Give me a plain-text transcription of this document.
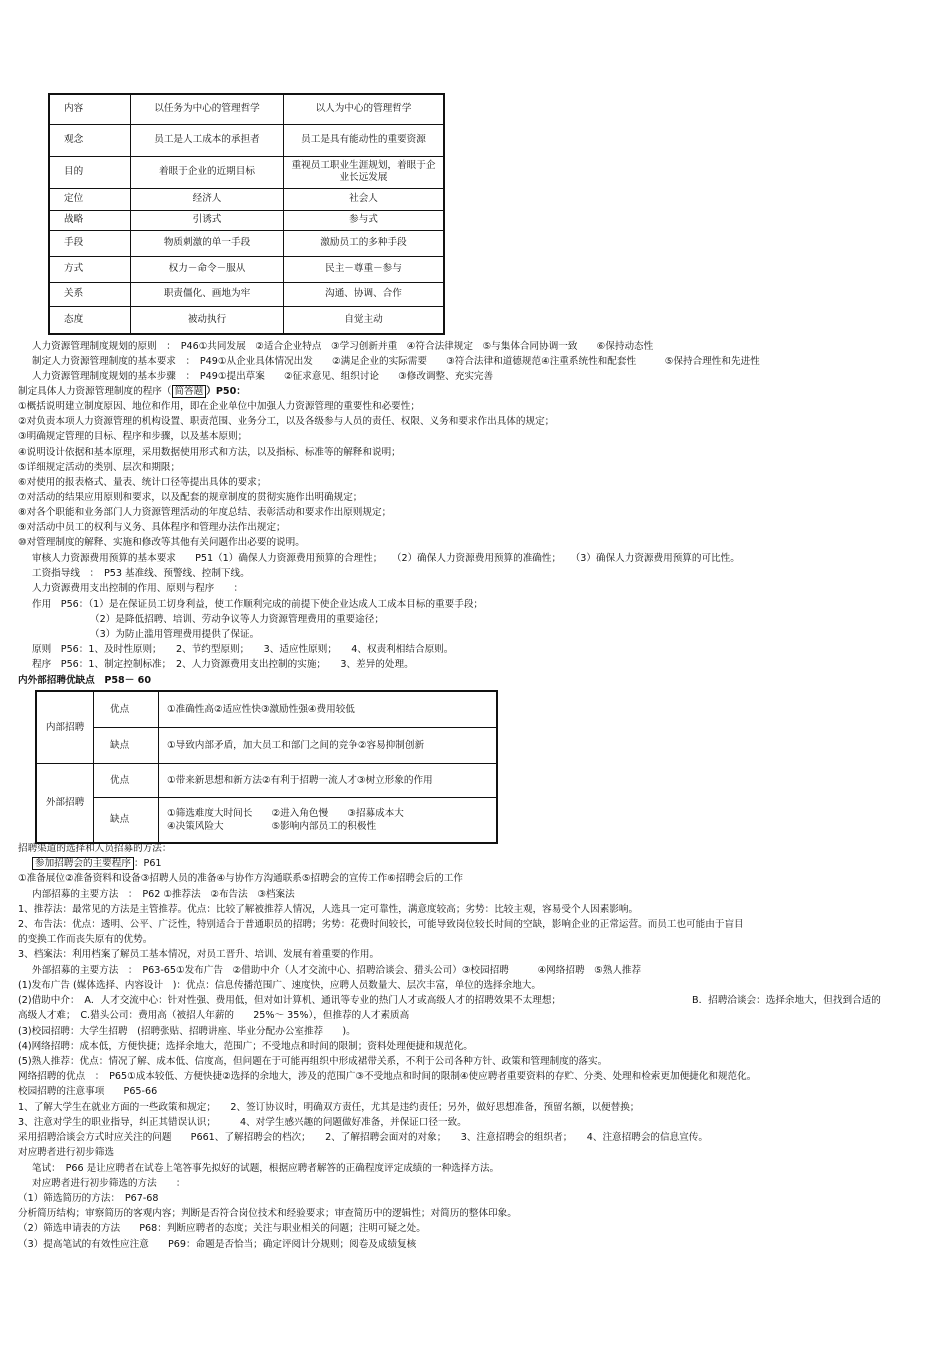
内容	以任务为中心的管理哲学	以人为中心的管理哲学
观念	员工是人工成本的承担者	员工是具有能动性的重要资源
目的	着眼于企业的近期目标	重视员工职业生涯规划，着眼于企业长远发展
定位	经济人	社会人
战略	引诱式	参与式
手段	物质刺激的单一手段	激励员工的多种手段
方式	权力－命令－服从	民主－尊重－参与
关系	职责僵化、画地为牢	沟通、协调、合作
态度	被动执行	自觉主动
人力资源管理制度规划的原则　：　P46①共同发展　②适合企业特点　③学习创新并重　④符合法律规定　⑤与集体合同协调一致　　⑥保持动态性
制定人力资源管理制度的基本要求　：　P49①从企业具体情况出发　　②满足企业的实际需要　　③符合法律和道德规范④注重系统性和配套性　　　⑤保持合理性和先进性
人力资源管理制度规划的基本步骤　：　P49①提出草案　　②征求意见、组织讨论　　③修改调整、充实完善
制定具体人力资源管理制度的程序（ 简答题 ）P50：
①概括说明建立制度原因、地位和作用，即在企业单位中加强人力资源管理的重要性和必要性；
②对负责本项人力资源管理的机构设置、职责范围、业务分工，以及各级参与人员的责任、权限、义务和要求作出具体的规定；
③明确规定管理的目标、程序和步骤，以及基本原则；
④说明设计依据和基本原理，采用数据使用形式和方法，以及指标、标准等的解释和说明；
⑤详细规定活动的类别、层次和期限；
⑥对使用的报表格式、量表、统计口径等提出具体的要求；
⑦对活动的结果应用原则和要求，以及配套的规章制度的贯彻实施作出明确规定；
⑧对各个职能和业务部门人力资源管理活动的年度总结、表彰活动和要求作出原则规定；
⑨对活动中员工的权利与义务、具体程序和管理办法作出规定；
⑩对管理制度的解释、实施和修改等其他有关问题作出必要的说明。
审核人力资源费用预算的基本要求　　P51（1）确保人力资源费用预算的合理性；　　（2）确保人力资源费用预算的准确性；　　（3）确保人力资源费用预算的可比性。
工资指导线　：　P53 基准线、预警线、控制下线。
人力资源费用支出控制的作用、原则与程序　　：
作用　P56：（1）是在保证员工切身利益，使工作顺利完成的前提下使企业达成人工成本目标的重要手段；
（2）是降低招聘、培训、劳动争议等人力资源管理费用的重要途径；
（3）为防止滥用管理费用提供了保证。
原则　P56：1、及时性原则；　　2、节约型原则；　　3、适应性原则；　　4、权责利相结合原则。
程序　P56：1、制定控制标准；　2、人力资源费用支出控制的实施；　　3、差异的处理。
内外部招聘优缺点　P58－ 60
内部招聘	优点	①准确性高②适应性快③激励性强④费用较低
	缺点	①导致内部矛盾，加大员工和部门之间的竞争②容易抑制创新
外部招聘	优点	①带来新思想和新方法②有利于招聘一流人才③树立形象的作用
	缺点	①筛选难度大时间长　　②进入角色慢　　③招募成本大
④决策风险大　　　　　⑤影响内部员工的积极性
招聘渠道的选择和人员招募的方法：
参加招聘会的主要程序 ：P61
①准备展位②准备资料和设备③招聘人员的准备④与协作方沟通联系⑤招聘会的宣传工作⑥招聘会后的工作
内部招募的主要方法　：　P62 ①推荐法　②布告法　③档案法
1、推荐法：最常见的方法是主管推荐。优点：比较了解被推荐人情况，人选具一定可靠性，满意度较高；劣势：比较主观，容易受个人因素影响。
2、布告法：优点：透明、公平、广泛性，特别适合于普通职员的招聘；劣势：花费时间较长，可能导致岗位较长时间的空缺，影响企业的正常运营。而员工也可能由于盲目
的变换工作而丧失原有的优势。
3、档案法：利用档案了解员工基本情况，对员工晋升、培训、发展有着重要的作用。
外部招募的主要方法　：　P63-65①发布广告　②借助中介（人才交流中心、招聘洽谈会、猎头公司）③校园招聘　　　④网络招聘　⑤熟人推荐
(1)发布广告 (媒体选择、内容设计　)：优点：信息传播范围广、速度快，应聘人员数量大、层次丰富，单位的选择余地大。
(2)借助中介：　A．人才交流中心：针对性强、费用低，但对如计算机、通讯等专业的热门人才或高级人才的招聘效果不太理想；	B．招聘洽谈会：选择余地大，但找到合适的
高级人才难；　C.猎头公司：费用高（被招人年薪的　　25%～ 35%），但推荐的人才素质高
(3)校园招聘：大学生招聘　(招聘张贴、招聘讲座、毕业分配办公室推荐　　)。
(4)网络招聘：成本低，方便快捷；选择余地大，范围广；不受地点和时间的限制；资料处理便捷和规范化。
(5)熟人推荐：优点：情况了解、成本低、信度高，但问题在于可能再组织中形成裙带关系，不利于公司各种方针、政策和管理制度的落实。
网络招聘的优点　：　P65①成本较低、方便快捷②选择的余地大，涉及的范围广③不受地点和时间的限制④使应聘者重要资料的存贮、分类、处理和检索更加便捷化和规范化。
校园招聘的注意事项　　P65-66
1、了解大学生在就业方面的一些政策和规定；　　2、签订协议时，明确双方责任，尤其是违约责任；另外，做好思想准备，预留名额，以便替换；
3、注意对学生的职业指导，纠正其错误认识；　　　4、对学生感兴趣的问题做好准备，并保证口径一致。
采用招聘洽谈会方式时应关注的问题　　P661、了解招聘会的档次；　　2、了解招聘会面对的对象；　　3、注意招聘会的组织者；　　4、注意招聘会的信息宣传。
对应聘者进行初步筛选
笔试：　P66 是让应聘者在试卷上笔答事先拟好的试题，根据应聘者解答的正确程度评定成绩的一种选择方法。
对应聘者进行初步筛选的方法　　：
（1）筛选简历的方法：　P67-68
分析简历结构；审察简历的客观内容；判断是否符合岗位技术和经验要求；审查简历中的逻辑性；对简历的整体印象。
（2）筛选申请表的方法　　P68：判断应聘者的态度；关注与职业相关的问题；注明可疑之处。
（3）提高笔试的有效性应注意　　P69：命题是否恰当；确定评阅计分规则；阅卷及成绩复核
